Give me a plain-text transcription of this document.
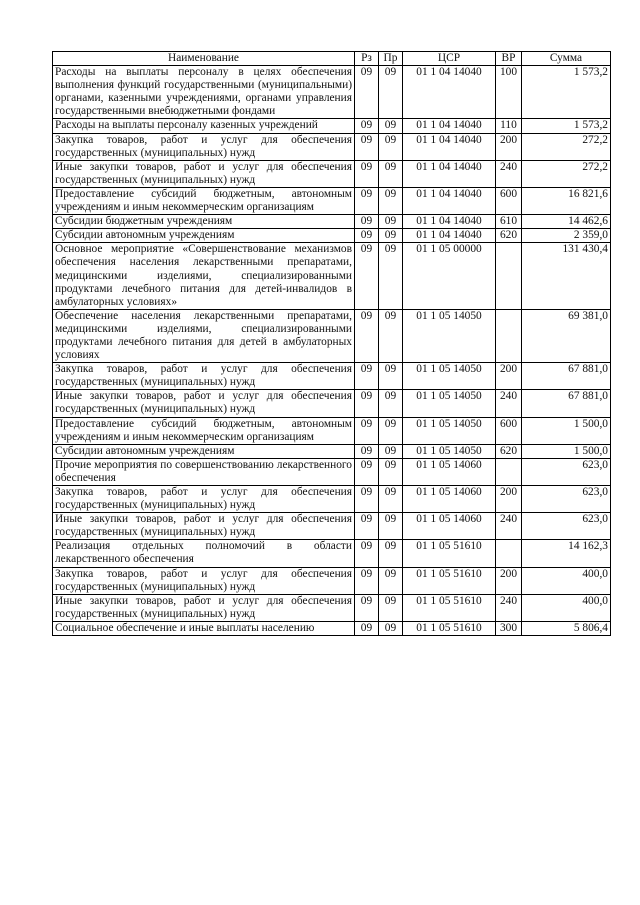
Наименование	Рз	Пр	ЦСР	ВР	Сумма
Расходы на выплаты персоналу в целях обеспечения выполнения функций государственными (муниципальными) органами, казенными учреждениями, органами управления государственными внебюджетными фондами	09	09	01 1 04 14040	100	1 573,2
Расходы на выплаты персоналу казенных учреждений	09	09	01 1 04 14040	110	1 573,2
Закупка товаров, работ и услуг для обеспечения государственных (муниципальных) нужд	09	09	01 1 04 14040	200	272,2
Иные закупки товаров, работ и услуг для обеспечения государственных (муниципальных) нужд	09	09	01 1 04 14040	240	272,2
Предоставление субсидий бюджетным, автономным учреждениям и иным некоммерческим организациям	09	09	01 1 04 14040	600	16 821,6
Субсидии бюджетным учреждениям	09	09	01 1 04 14040	610	14 462,6
Субсидии автономным учреждениям	09	09	01 1 04 14040	620	2 359,0
Основное мероприятие «Совершенствование механизмов обеспечения населения лекарственными препаратами, медицинскими изделиями, специализированными продуктами лечебного питания для детей-инвалидов в амбулаторных условиях»	09	09	01 1 05 00000		131 430,4
Обеспечение населения лекарственными препаратами, медицинскими изделиями, специализированными продуктами лечебного питания для детей в амбулаторных условиях	09	09	01 1 05 14050		69 381,0
Закупка товаров, работ и услуг для обеспечения государственных (муниципальных) нужд	09	09	01 1 05 14050	200	67 881,0
Иные закупки товаров, работ и услуг для обеспечения государственных (муниципальных) нужд	09	09	01 1 05 14050	240	67 881,0
Предоставление субсидий бюджетным, автономным учреждениям и иным некоммерческим организациям	09	09	01 1 05 14050	600	1 500,0
Субсидии автономным учреждениям	09	09	01 1 05 14050	620	1 500,0
Прочие мероприятия по совершенствованию лекарственного обеспечения	09	09	01 1 05 14060		623,0
Закупка товаров, работ и услуг для обеспечения государственных (муниципальных) нужд	09	09	01 1 05 14060	200	623,0
Иные закупки товаров, работ и услуг для обеспечения государственных (муниципальных) нужд	09	09	01 1 05 14060	240	623,0
Реализация отдельных полномочий в области лекарственного обеспечения	09	09	01 1 05 51610		14 162,3
Закупка товаров, работ и услуг для обеспечения государственных (муниципальных) нужд	09	09	01 1 05 51610	200	400,0
Иные закупки товаров, работ и услуг для обеспечения государственных (муниципальных) нужд	09	09	01 1 05 51610	240	400,0
Социальное обеспечение и иные выплаты населению	09	09	01 1 05 51610	300	5 806,4
